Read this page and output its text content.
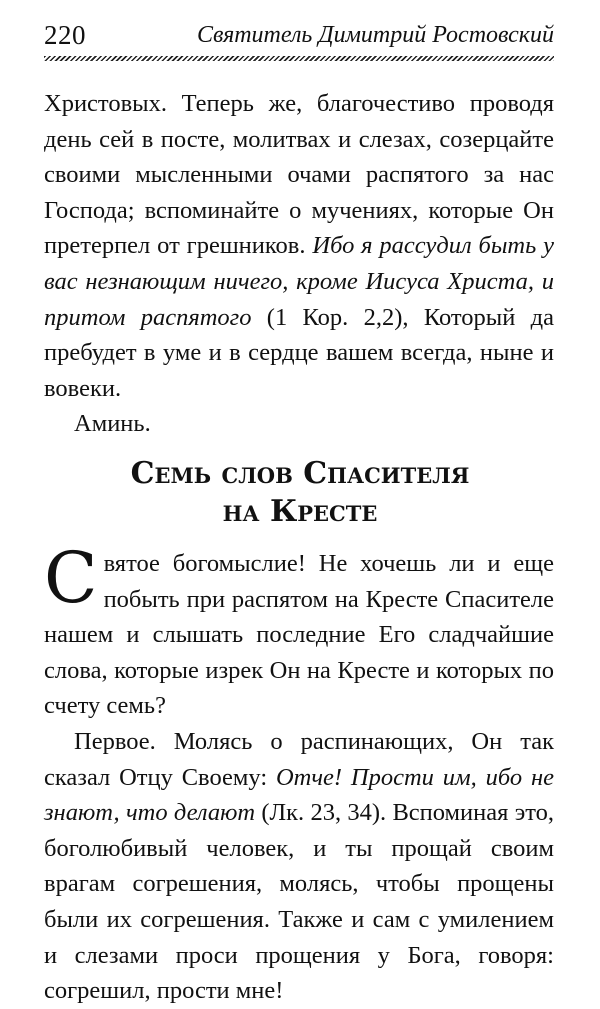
220	Святитель Димитрий Ростовский

Христовых. Теперь же, благочестиво проводя день сей в посте, молитвах и слезах, созерцайте своими мысленными очами распятого за нас Господа; вспоминайте о мучениях, которые Он претерпел от грешников. Ибо я рассудил быть у вас незнающим ничего, кроме Иисуса Христа, и притом распятого (1 Кор. 2,2), Который да пребудет в уме и в сердце вашем всегда, ныне и вовеки.

Аминь.

Семь слов Спасителя
на Кресте

Святое богомыслие! Не хочешь ли и еще побыть при распятом на Кресте Спасителе нашем и слышать последние Его сладчайшие слова, которые изрек Он на Кресте и которых по счету семь?

Первое. Молясь о распинающих, Он так сказал Отцу Своему: Отче! Прости им, ибо не знают, что делают (Лк. 23, 34). Вспоминая это, боголюбивый человек, и ты прощай своим врагам согрешения, молясь, чтобы прощены были их согрешения. Также и сам с умилением и слезами проси прощения у Бога, говоря: согрешил, прости мне!
